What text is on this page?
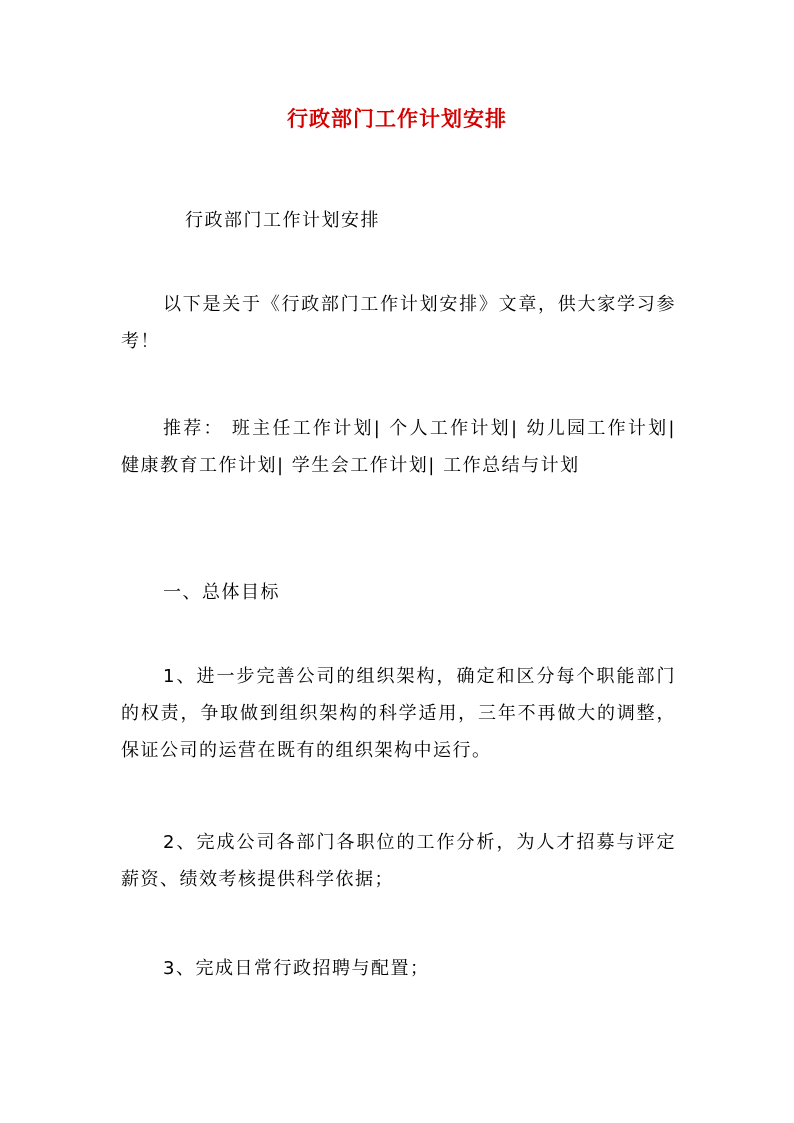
行政部门工作计划安排

行政部门工作计划安排

以下是关于《行政部门工作计划安排》文章，供大家学习参考！

推荐： 班主任工作计划| 个人工作计划| 幼儿园工作计划| 健康教育工作计划| 学生会工作计划| 工作总结与计划

一、总体目标

1、进一步完善公司的组织架构，确定和区分每个职能部门的权责，争取做到组织架构的科学适用，三年不再做大的调整，保证公司的运营在既有的组织架构中运行。

2、完成公司各部门各职位的工作分析，为人才招募与评定薪资、绩效考核提供科学依据；

3、完成日常行政招聘与配置；
